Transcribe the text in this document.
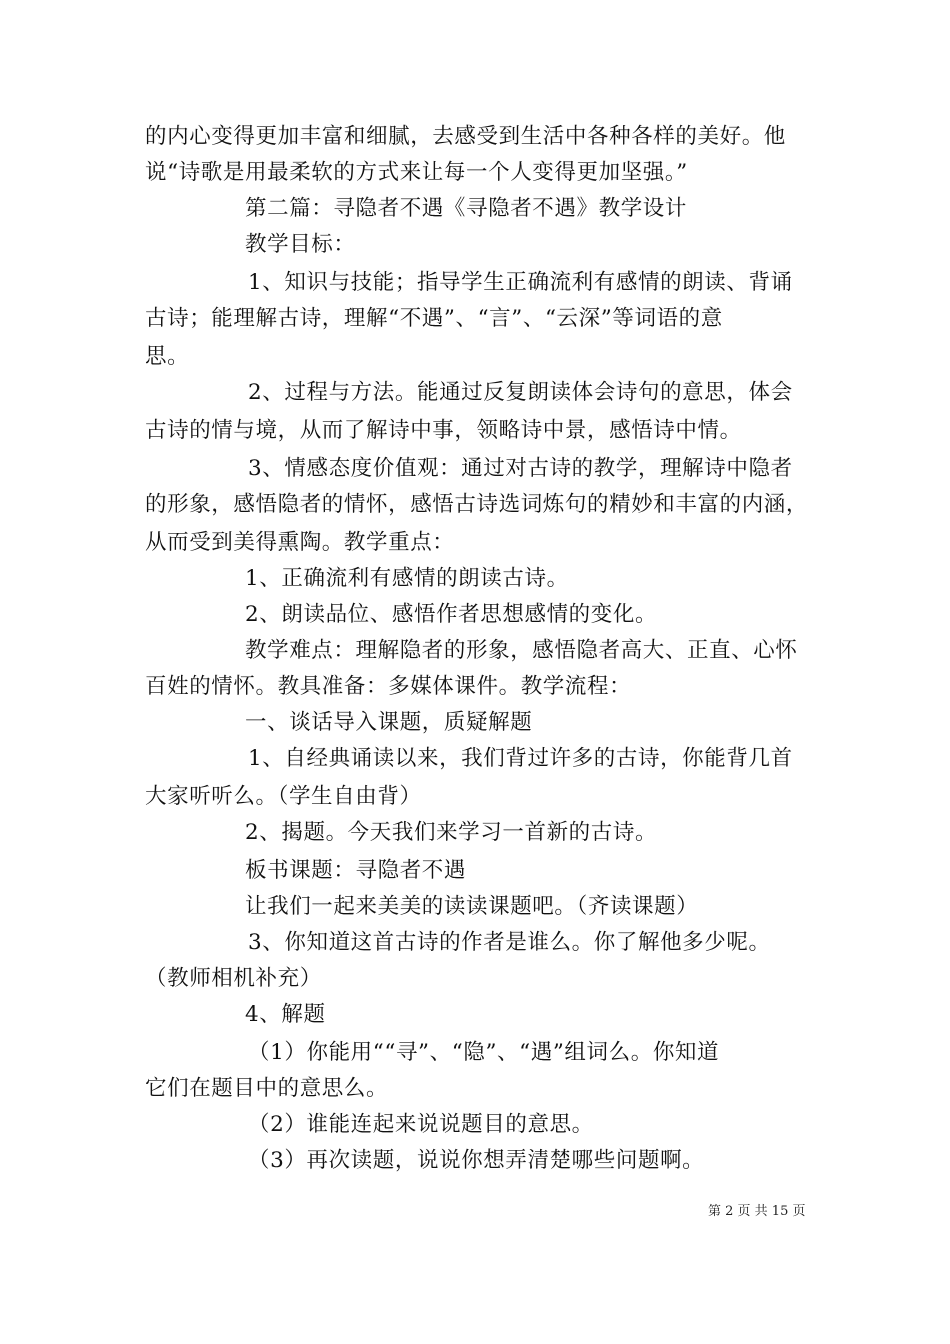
的内心变得更加丰富和细腻，去感受到生活中各种各样的美好。他
说“诗歌是用最柔软的方式来让每一个人变得更加坚强。”
第二篇：寻隐者不遇《寻隐者不遇》教学设计
教学目标：
1、知识与技能；指导学生正确流利有感情的朗读、背诵
古诗；能理解古诗，理解“不遇”、“言”、“云深”等词语的意
思。
2、过程与方法。能通过反复朗读体会诗句的意思，体会
古诗的情与境，从而了解诗中事，领略诗中景，感悟诗中情。
3、情感态度价值观：通过对古诗的教学，理解诗中隐者
的形象，感悟隐者的情怀，感悟古诗选词炼句的精妙和丰富的内涵，
从而受到美得熏陶。教学重点：
1、正确流利有感情的朗读古诗。
2、朗读品位、感悟作者思想感情的变化。
教学难点：理解隐者的形象，感悟隐者高大、正直、心怀
百姓的情怀。教具准备：多媒体课件。教学流程：
一、谈话导入课题，质疑解题
1、自经典诵读以来，我们背过许多的古诗，你能背几首
大家听听么。（学生自由背）
2、揭题。今天我们来学习一首新的古诗。
板书课题：寻隐者不遇
让我们一起来美美的读读课题吧。（齐读课题）
3、你知道这首古诗的作者是谁么。你了解他多少呢。
（教师相机补充）
4、解题
（1）你能用““寻”、“隐”、“遇”组词么。你知道
它们在题目中的意思么。
（2）谁能连起来说说题目的意思。
（3）再次读题，说说你想弄清楚哪些问题啊。
第 2 页 共 15 页
